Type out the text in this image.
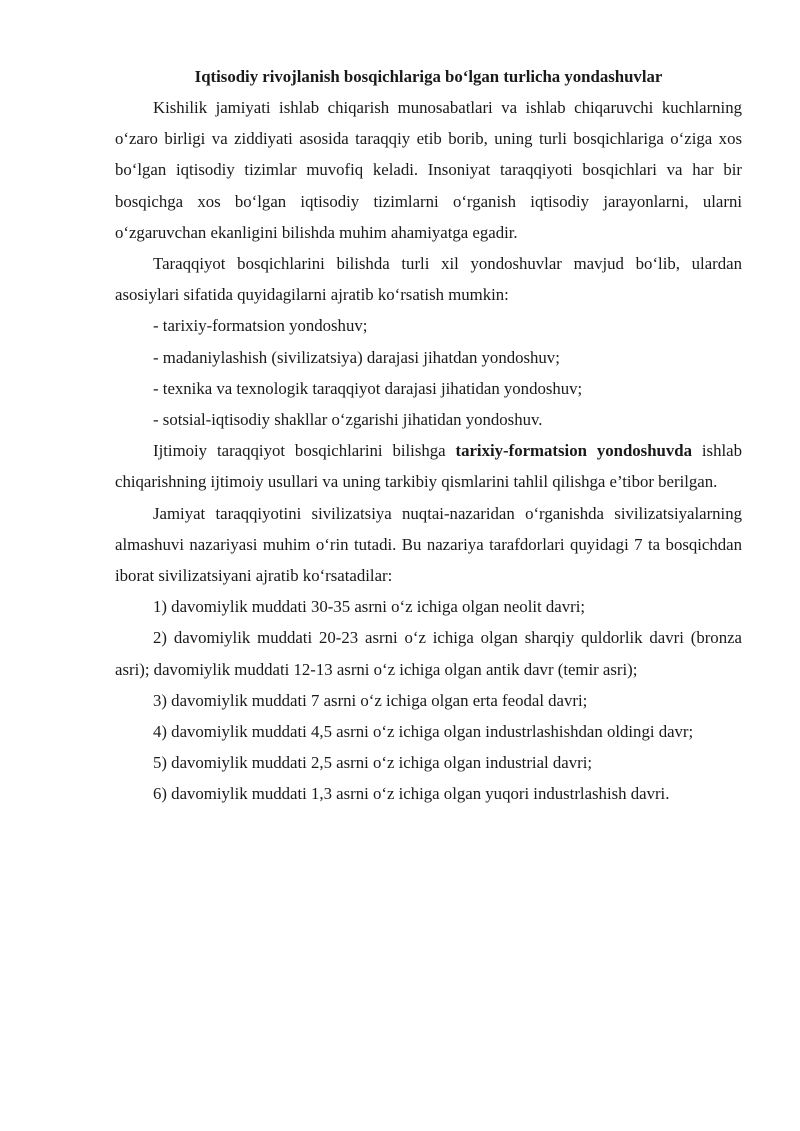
Iqtisodiy rivojlanish bosqichlariga bo‘lgan turlicha yondashuvlar

Kishilik jamiyati ishlab chiqarish munosabatlari va ishlab chiqaruvchi kuchlarning o‘zaro birligi va ziddiyati asosida taraqqiy etib borib, uning turli bosqichlariga o‘ziga xos bo‘lgan iqtisodiy tizimlar muvofiq keladi. Insoniyat taraqqiyoti bosqichlari va har bir bosqichga xos bo‘lgan iqtisodiy tizimlarni o‘rganish iqtisodiy jarayonlarni, ularni o‘zgaruvchan ekanligini bilishda muhim ahamiyatga egadir.

Taraqqiyot bosqichlarini bilishda turli xil yondoshuvlar mavjud bo‘lib, ulardan asosiylari sifatida quyidagilarni ajratib ko‘rsatish mumkin:

- tarixiy-formatsion yondoshuv;

- madaniylashish (sivilizatsiya) darajasi jihatdan yondoshuv;

- texnika va texnologik taraqqiyot darajasi jihatidan yondoshuv;

- sotsial-iqtisodiy shakllar o‘zgarishi jihatidan yondoshuv.

Ijtimoiy taraqqiyot bosqichlarini bilishga tarixiy-formatsion yondoshuvda ishlab chiqarishning ijtimoiy usullari va uning tarkibiy qismlarini tahlil qilishga e’tibor berilgan.

Jamiyat taraqqiyotini sivilizatsiya nuqtai-nazaridan o‘rganishda sivilizatsiyalarning almashuvi nazariyasi muhim o‘rin tutadi. Bu nazariya tarafdorlari quyidagi 7 ta bosqichdan iborat sivilizatsiyani ajratib ko‘rsatadilar:

1) davomiylik muddati 30-35 asrni o‘z ichiga olgan neolit davri;

2) davomiylik muddati 20-23 asrni o‘z ichiga olgan sharqiy quldorlik davri (bronza asri); davomiylik muddati 12-13 asrni o‘z ichiga olgan antik davr (temir asri);

3) davomiylik muddati 7 asrni o‘z ichiga olgan erta feodal davri;

4) davomiylik muddati 4,5 asrni o‘z ichiga olgan industrlashishdan oldingi davr;

5) davomiylik muddati 2,5 asrni o‘z ichiga olgan industrial davri;

6) davomiylik muddati 1,3 asrni o‘z ichiga olgan yuqori industrlashish davri.
